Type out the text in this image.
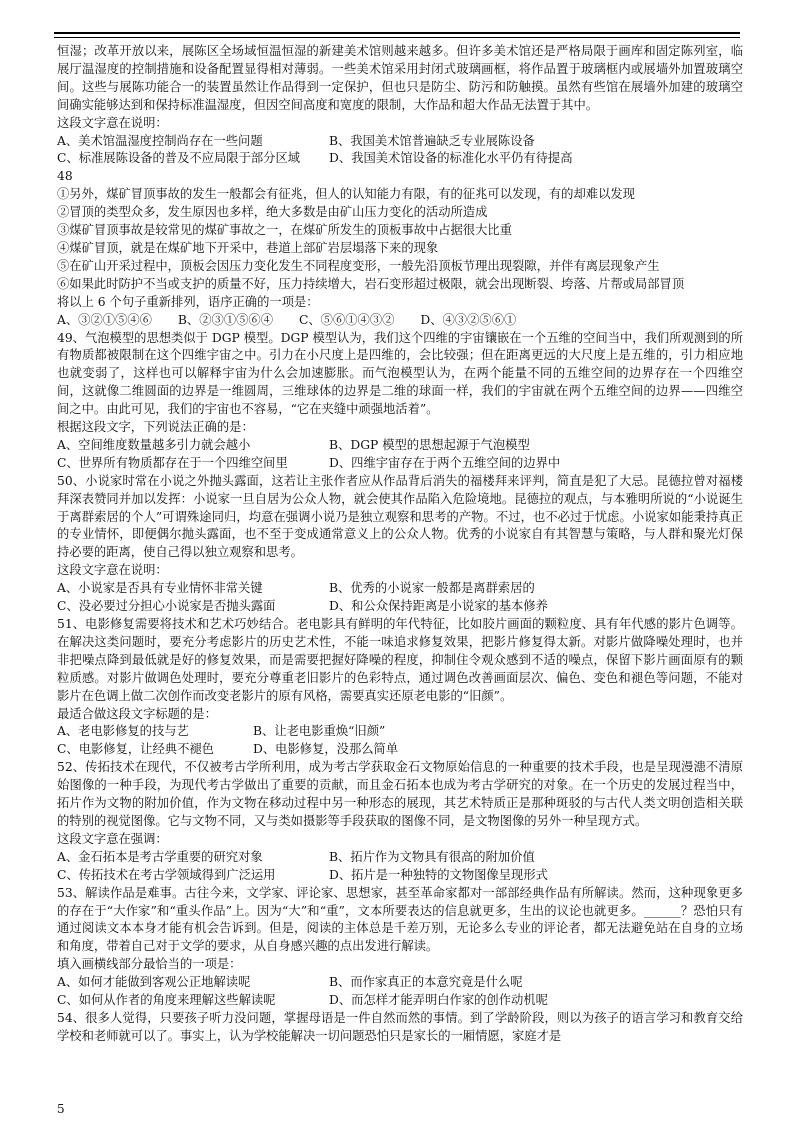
恒湿；改革开放以来，展陈区全场域恒温恒湿的新建美术馆则越来越多。但许多美术馆还是严格局限于画库和固定陈列室，临展厅温湿度的控制措施和设备配置显得相对薄弱。一些美术馆采用封闭式玻璃画框，将作品置于玻璃框内或展墙外加置玻璃空间。这些与展陈功能合一的装置虽然让作品得到一定保护，但也只是防尘、防污和防触摸。虽然有些馆在展墙外加建的玻璃空间确实能够达到和保持标准温湿度，但因空间高度和宽度的限制，大作品和超大作品无法置于其中。

这段文字意在说明：

A、美术馆温湿度控制尚存在一些问题	B、我国美术馆普遍缺乏专业展陈设备
C、标准展陈设备的普及不应局限于部分区域	D、我国美术馆设备的标准化水平仍有待提高

48

①另外，煤矿冒顶事故的发生一般都会有征兆，但人的认知能力有限，有的征兆可以发现，有的却难以发现

②冒顶的类型众多，发生原因也多样，绝大多数是由矿山压力变化的活动所造成

③煤矿冒顶事故是较常见的煤矿事故之一，在煤矿所发生的顶板事故中占据很大比重

④煤矿冒顶，就是在煤矿地下开采中，巷道上部矿岩层塌落下来的现象

⑤在矿山开采过程中，顶板会因压力变化发生不同程度变形，一般先沿顶板节理出现裂隙，并伴有离层现象产生

⑥如果此时防护不当或支护的质量不好，压力持续增大，岩石变形超过极限，就会出现断裂、垮落、片帮或局部冒顶

将以上 6 个句子重新排列，语序正确的一项是：

A、③②①⑤④⑥ B、②③①⑤⑥④ C、⑤⑥①④③② D、④③②⑤⑥①

49、气泡模型的思想类似于 DGP 模型。DGP 模型认为，我们这个四维的宇宙镶嵌在一个五维的空间当中，我们所观测到的所有物质都被限制在这个四维宇宙之中。引力在小尺度上是四维的，会比较强；但在距离更远的大尺度上是五维的，引力相应地也就变弱了，这样也可以解释宇宙为什么会加速膨胀。而气泡模型认为，在两个能量不同的五维空间的边界存在一个四维空间，这就像二维圆面的边界是一维圆周，三维球体的边界是二维的球面一样，我们的宇宙就在两个五维空间的边界——四维空间之中。由此可见，我们的宇宙也不容易，“它在夹缝中顽强地活着”。

根据这段文字，下列说法正确的是：

A、空间维度数量越多引力就会越小	B、DGP 模型的思想起源于气泡模型
C、世界所有物质都存在于一个四维空间里	D、四维宇宙存在于两个五维空间的边界中

50、小说家时常在小说之外抛头露面，这若让主张作者应从作品背后消失的福楼拜来评判，简直是犯了大忌。昆德拉曾对福楼拜深表赞同并加以发挥：小说家一旦自居为公众人物，就会使其作品陷入危险境地。昆德拉的观点，与本雅明所说的“小说诞生于离群索居的个人”可谓殊途同归，均意在强调小说乃是独立观察和思考的产物。不过，也不必过于忧虑。小说家如能秉持真正的专业情怀，即便偶尔抛头露面，也不至于变成通常意义上的公众人物。优秀的小说家自有其智慧与策略，与人群和聚光灯保持必要的距离，使自己得以独立观察和思考。

这段文字意在说明：

A、小说家是否具有专业情怀非常关键	B、优秀的小说家一般都是离群索居的
C、没必要过分担心小说家是否抛头露面	D、和公众保持距离是小说家的基本修养

51、电影修复需要将技术和艺术巧妙结合。老电影具有鲜明的年代特征，比如胶片画面的颗粒度、具有年代感的影片色调等。在解决这类问题时，要充分考虑影片的历史艺术性，不能一味追求修复效果，把影片修复得太新。对影片做降噪处理时，也并非把噪点降到最低就是好的修复效果，而是需要把握好降噪的程度，抑制住令观众感到不适的噪点，保留下影片画面原有的颗粒质感。对影片做调色处理时，要充分尊重老旧影片的色彩特点，通过调色改善画面层次、偏色、变色和褪色等问题，不能对影片在色调上做二次创作而改变老影片的原有风格，需要真实还原老电影的“旧颜”。

最适合做这段文字标题的是：

A、老电影修复的技与艺	B、让老电影重焕“旧颜”
C、电影修复，让经典不褪色	D、电影修复，没那么简单

52、传拓技术在现代，不仅被考古学所利用，成为考古学获取金石文物原始信息的一种重要的技术手段，也是呈现漫漶不清原始图像的一种手段，为现代考古学做出了重要的贡献，而且金石拓本也成为考古学研究的对象。在一个历史的发展过程当中，拓片作为文物的附加价值，作为文物在移动过程中另一种形态的展现，其艺术特质正是那种斑驳的与古代人类文明创造相关联的特别的视觉图像。它与文物不同，又与类如摄影等手段获取的图像不同，是文物图像的另外一种呈现方式。

这段文字意在强调：

A、金石拓本是考古学重要的研究对象	B、拓片作为文物具有很高的附加价值
C、传拓技术在考古学领域得到广泛运用	D、拓片是一种独特的文物图像呈现形式

53、解读作品是难事。古往今来，文学家、评论家、思想家，甚至革命家都对一部部经典作品有所解读。然而，这种现象更多的存在于“大作家”和“重头作品”上。因为“大”和“重”，文本所要表达的信息就更多，生出的议论也就更多。______？恐怕只有通过阅读文本本身才能有机会告诉到。但是，阅读的主体总是千差万别，无论多么专业的评论者，都无法避免站在自身的立场和角度，带着自己对于文学的要求，从自身感兴趣的点出发进行解读。

填入画横线部分最恰当的一项是：

A、如何才能做到客观公正地解读呢	B、而作家真正的本意究竟是什么呢
C、如何从作者的角度来理解这些解读呢	D、而怎样才能弄明白作家的创作动机呢

54、很多人觉得，只要孩子听力没问题，掌握母语是一件自然而然的事情。到了学龄阶段，则以为孩子的语言学习和教育交给学校和老师就可以了。事实上，认为学校能解决一切问题恐怕只是家长的一厢情愿，家庭才是

5
